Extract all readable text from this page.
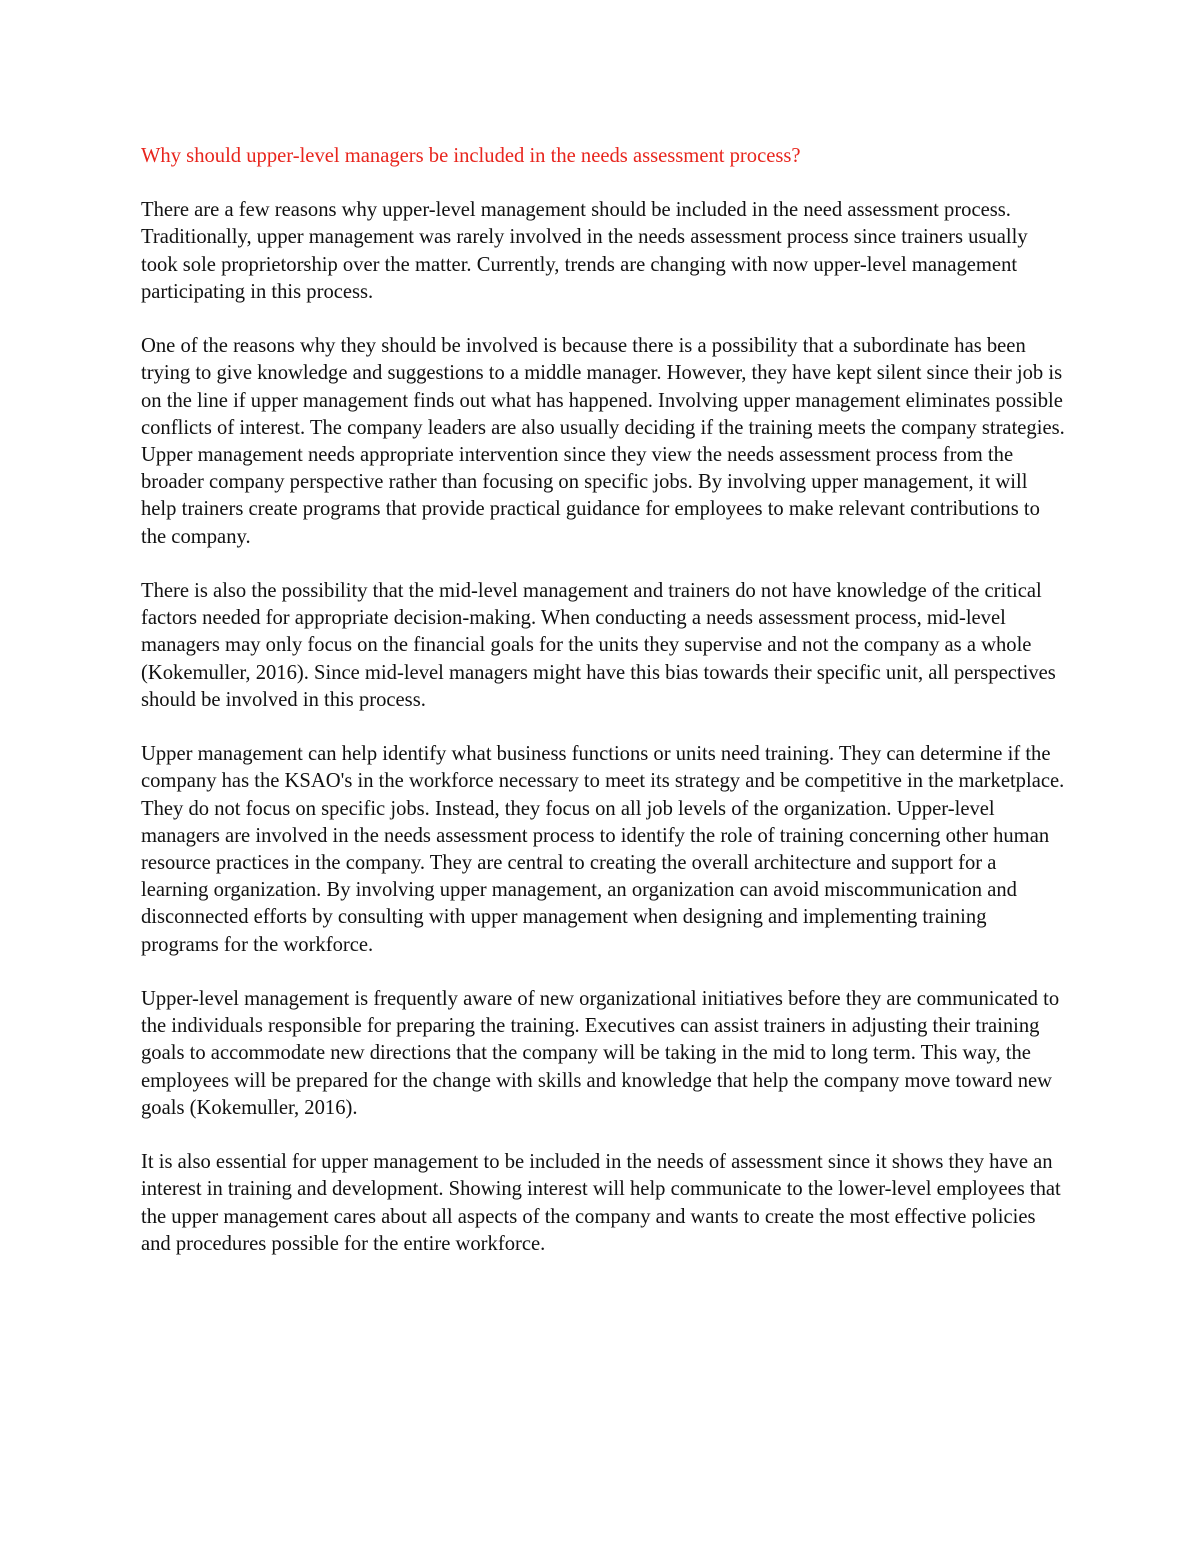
Why should upper-level managers be included in the needs assessment process?

There are a few reasons why upper-level management should be included in the need assessment process. Traditionally, upper management was rarely involved in the needs assessment process since trainers usually took sole proprietorship over the matter. Currently, trends are changing with now upper-level management participating in this process.

One of the reasons why they should be involved is because there is a possibility that a subordinate has been trying to give knowledge and suggestions to a middle manager. However, they have kept silent since their job is on the line if upper management finds out what has happened. Involving upper management eliminates possible conflicts of interest. The company leaders are also usually deciding if the training meets the company strategies. Upper management needs appropriate intervention since they view the needs assessment process from the broader company perspective rather than focusing on specific jobs. By involving upper management, it will help trainers create programs that provide practical guidance for employees to make relevant contributions to the company.

There is also the possibility that the mid-level management and trainers do not have knowledge of the critical factors needed for appropriate decision-making. When conducting a needs assessment process, mid-level managers may only focus on the financial goals for the units they supervise and not the company as a whole (Kokemuller, 2016). Since mid-level managers might have this bias towards their specific unit, all perspectives should be involved in this process.

Upper management can help identify what business functions or units need training. They can determine if the company has the KSAO's in the workforce necessary to meet its strategy and be competitive in the marketplace. They do not focus on specific jobs. Instead, they focus on all job levels of the organization. Upper-level managers are involved in the needs assessment process to identify the role of training concerning other human resource practices in the company. They are central to creating the overall architecture and support for a learning organization. By involving upper management, an organization can avoid miscommunication and disconnected efforts by consulting with upper management when designing and implementing training programs for the workforce.

Upper-level management is frequently aware of new organizational initiatives before they are communicated to the individuals responsible for preparing the training. Executives can assist trainers in adjusting their training goals to accommodate new directions that the company will be taking in the mid to long term. This way, the employees will be prepared for the change with skills and knowledge that help the company move toward new goals (Kokemuller, 2016).

It is also essential for upper management to be included in the needs of assessment since it shows they have an interest in training and development. Showing interest will help communicate to the lower-level employees that the upper management cares about all aspects of the company and wants to create the most effective policies and procedures possible for the entire workforce.
